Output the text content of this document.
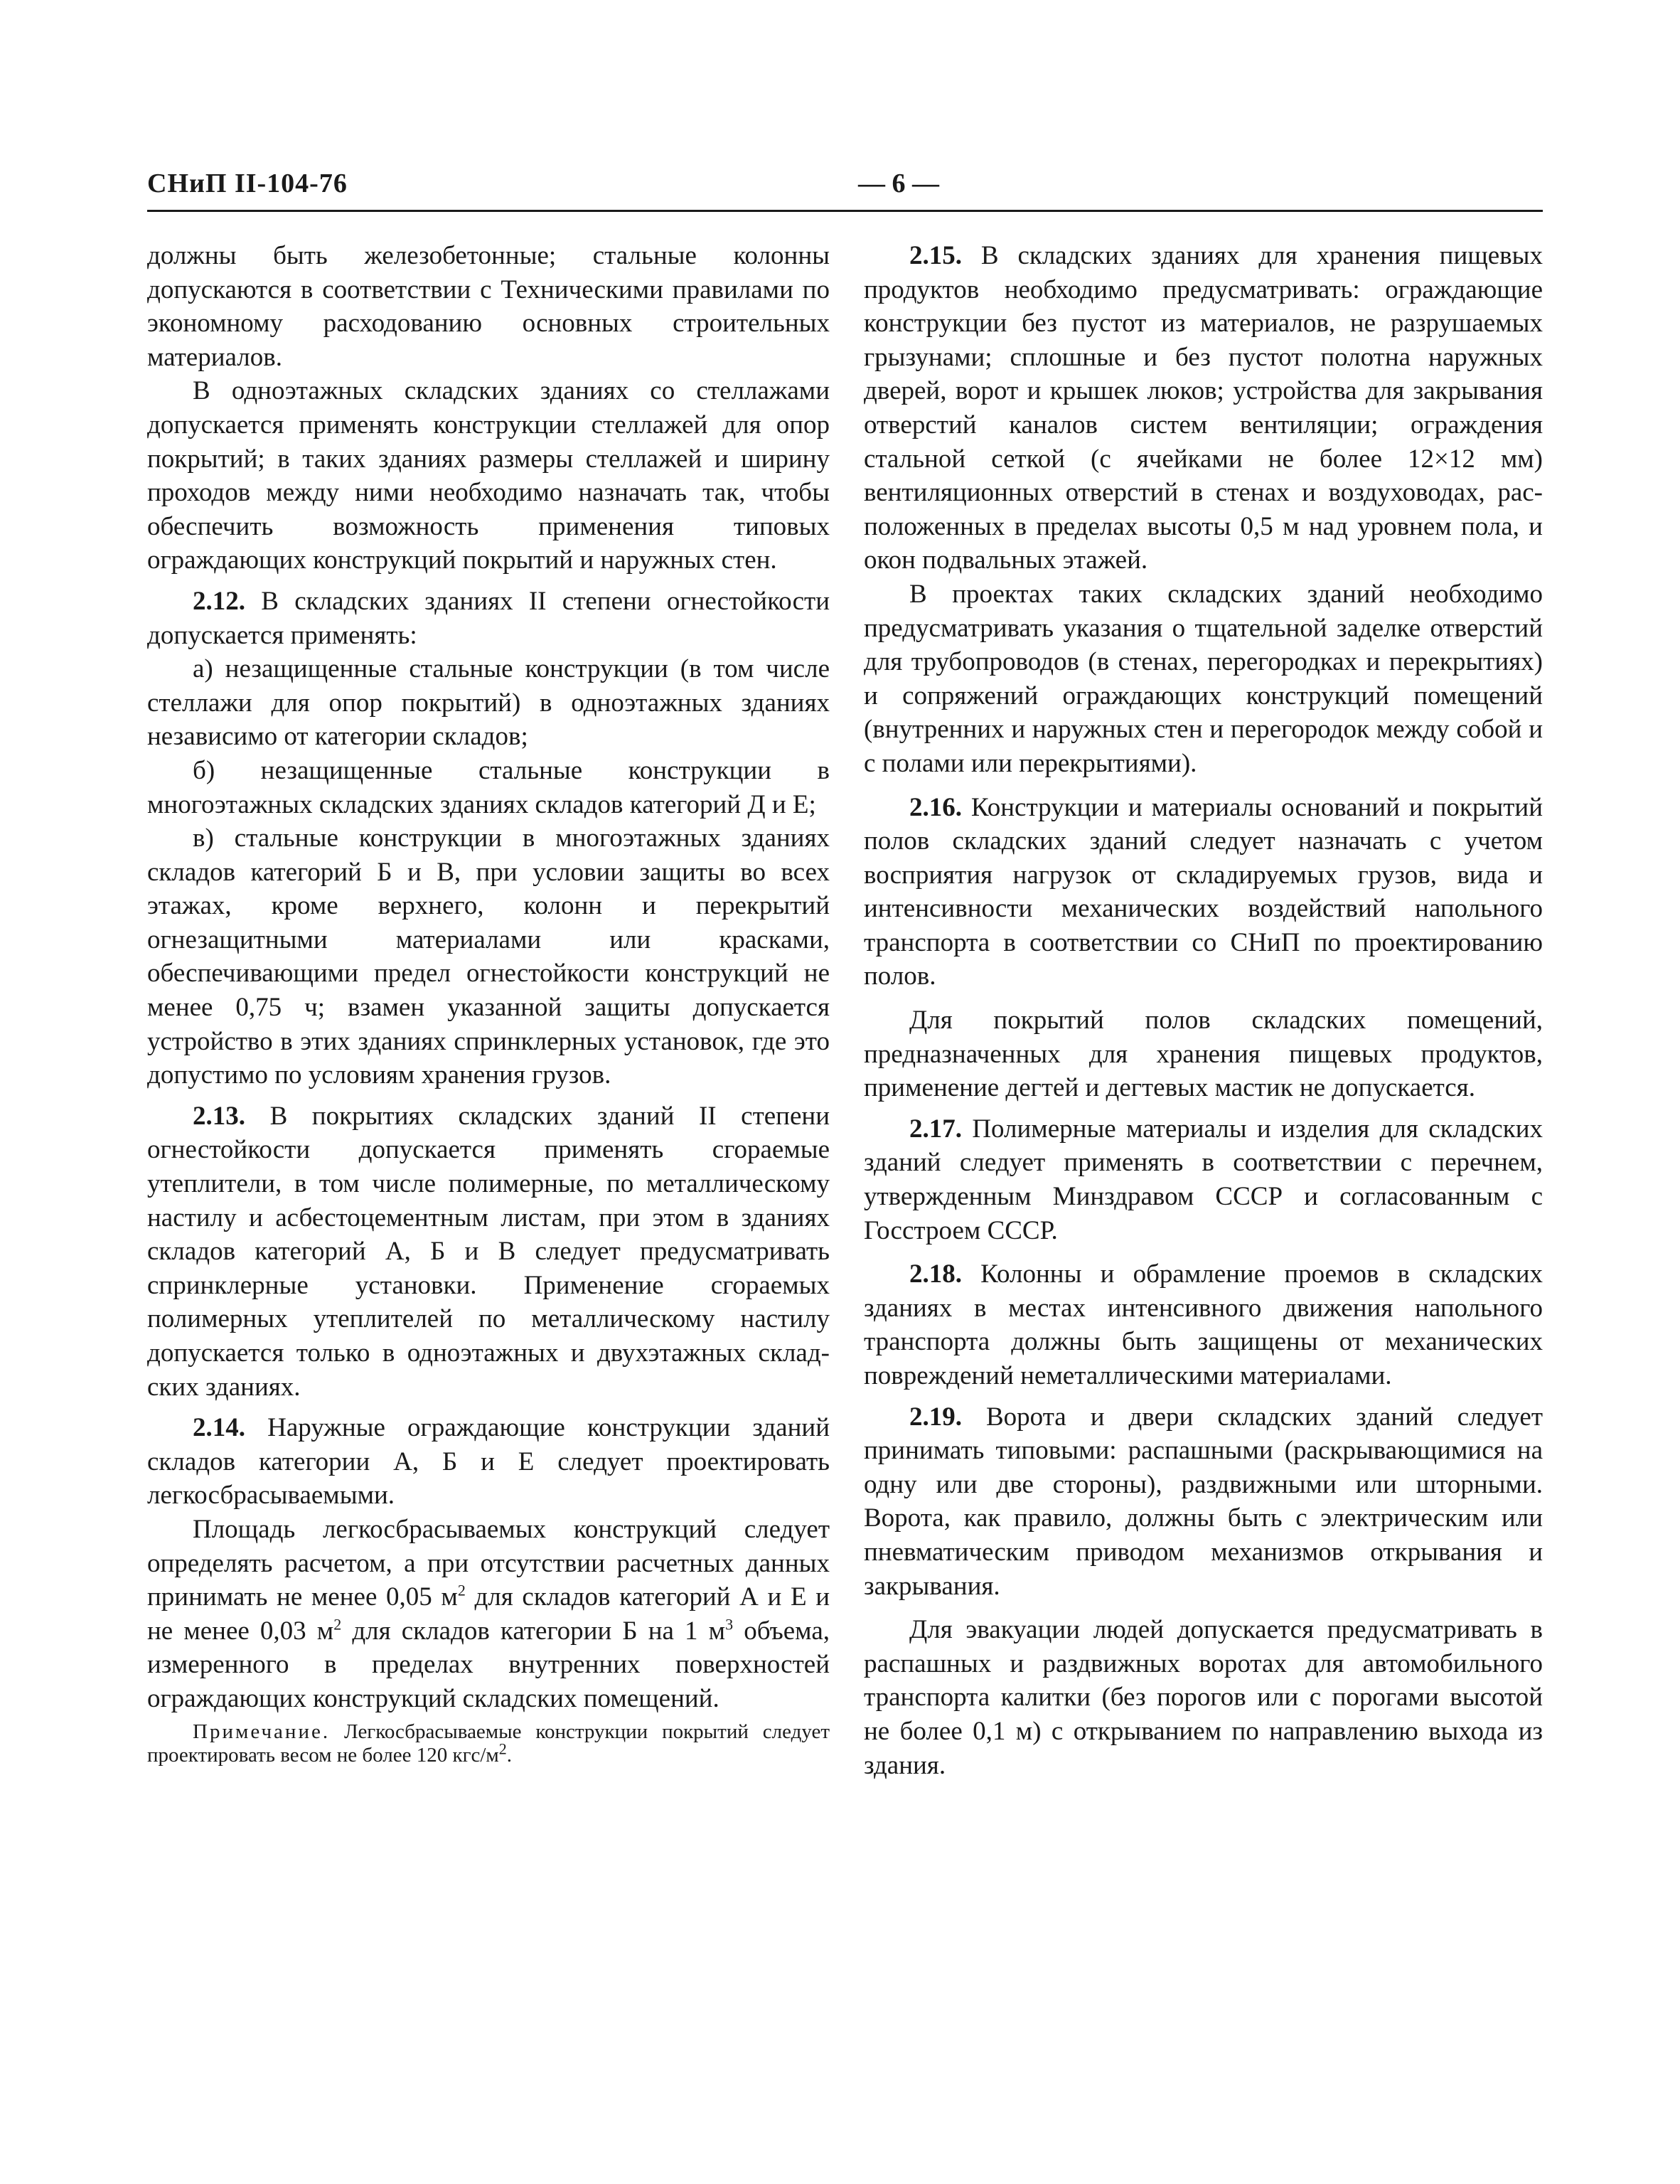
СНиП II-104-76	— 6 —

должны быть железобетонные; стальные колонны допускаются в соответствии с Техническими правилами по экономному расходованию основных строительных материалов.

В одноэтажных складских зданиях со стеллажами допускается применять конструкции стеллажей для опор покрытий; в таких зданиях размеры стеллажей и ширину проходов между ними необходимо назначать так, чтобы обеспечить возможность применения типовых ограждающих конструкций покрытий и наружных стен.

2.12. В складских зданиях II степени огнестойкости допускается применять:

а) незащищенные стальные конструкции (в том числе стеллажи для опор покрытий) в одноэтажных зданиях независимо от категории складов;

б) незащищенные стальные конструкции в многоэтажных складских зданиях складов категорий Д и Е;

в) стальные конструкции в многоэтажных зданиях складов категорий Б и В, при условии защиты во всех этажах, кроме верхнего, колонн и перекрытий огнезащитными материалами или красками, обеспечивающими предел огнестойкости конструкций не менее 0,75 ч; взамен указанной защиты допускается устройство в этих зданиях спринклерных установок, где это допустимо по условиям хранения грузов.

2.13. В покрытиях складских зданий II степени огнестойкости допускается применять сгораемые утеплители, в том числе полимерные, по металлическому настилу и асбестоцементным листам, при этом в зданиях складов категорий А, Б и В следует предусматривать спринклерные установки. Применение сгораемых полимерных утеплителей по металлическому настилу допускается только в одноэтажных и двухэтажных складских зданиях.

2.14. Наружные ограждающие конструкции зданий складов категории А, Б и Е следует проектировать легкосбрасываемыми.

Площадь легкосбрасываемых конструкций следует определять расчетом, а при отсутствии расчетных данных принимать не менее 0,05 $м^2$ для складов категорий А и Е и не менее 0,03 $м^2$ для складов категории Б на 1 $м^3$ объема, измеренного в пределах внутренних поверхностей ограждающих конструкций складских помещений.

Примечание. Легкосбрасываемые конструкции покрытий следует проектировать весом не более 120 кгс/$м^2$.

2.15. В складских зданиях для хранения пищевых продуктов необходимо предусматривать: ограждающие конструкции без пустот из материалов, не разрушаемых грызунами; сплошные и без пустот полотна наружных дверей, ворот и крышек люков; устройства для закрывания отверстий каналов систем вентиляции; ограждения стальной сеткой (с ячейками не более 12×12 мм) вентиляционных отверстий в стенах и воздуховодах, расположенных в пределах высоты 0,5 м над уровнем пола, и окон подвальных этажей.

В проектах таких складских зданий необходимо предусматривать указания о тщательной заделке отверстий для трубопроводов (в стенах, перегородках и перекрытиях) и сопряжений ограждающих конструкций помещений (внутренних и наружных стен и перегородок между собой и с полами или перекрытиями).

2.16. Конструкции и материалы оснований и покрытий полов складских зданий следует назначать с учетом восприятия нагрузок от складируемых грузов, вида и интенсивности механических воздействий напольного транспорта в соответствии со СНиП по проектированию полов.

Для покрытий полов складских помещений, предназначенных для хранения пищевых продуктов, применение дегтей и дегтевых мастик не допускается.

2.17. Полимерные материалы и изделия для складских зданий следует применять в соответствии с перечнем, утвержденным Минздравом СССР и согласованным с Госстроем СССР.

2.18. Колонны и обрамление проемов в складских зданиях в местах интенсивного движения напольного транспорта должны быть защищены от механических повреждений неметаллическими материалами.

2.19. Ворота и двери складских зданий следует принимать типовыми: распашными (раскрывающимися на одну или две стороны), раздвижными или шторными. Ворота, как правило, должны быть с электрическим или пневматическим приводом механизмов открывания и закрывания.

Для эвакуации людей допускается предусматривать в распашных и раздвижных воротах для автомобильного транспорта калитки (без порогов или с порогами высотой не более 0,1 м) с открыванием по направлению выхода из здания.
